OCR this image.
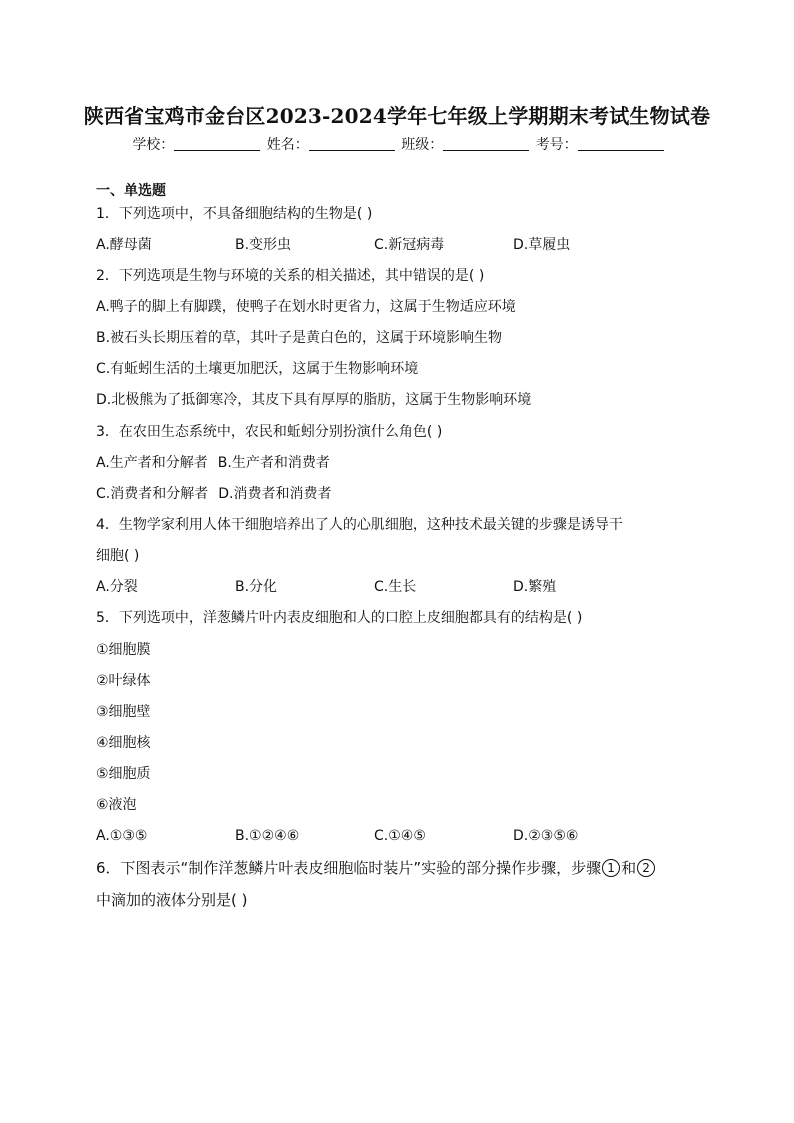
陕西省宝鸡市金台区2023-2024学年七年级上学期期末考试生物试卷
学校：	姓名：	班级：	考号：
一、单选题
1．下列选项中，不具备细胞结构的生物是( )
A.酵母菌	B.变形虫	C.新冠病毒	D.草履虫
2．下列选项是生物与环境的关系的相关描述，其中错误的是( )
A.鸭子的脚上有脚蹼，使鸭子在划水时更省力，这属于生物适应环境
B.被石头长期压着的草，其叶子是黄白色的，这属于环境影响生物
C.有蚯蚓生活的土壤更加肥沃，这属于生物影响环境
D.北极熊为了抵御寒冷，其皮下具有厚厚的脂肪，这属于生物影响环境
3．在农田生态系统中，农民和蚯蚓分别扮演什么角色( )
A.生产者和分解者 B.生产者和消费者
C.消费者和分解者 D.消费者和消费者
4．生物学家利用人体干细胞培养出了人的心肌细胞，这种技术最关键的步骤是诱导干
细胞( )
A.分裂	B.分化	C.生长	D.繁殖
5．下列选项中，洋葱鳞片叶内表皮细胞和人的口腔上皮细胞都具有的结构是( )
①细胞膜
②叶绿体
③细胞壁
④细胞核
⑤细胞质
⑥液泡
A.①③⑤	B.①②④⑥	C.①④⑤	D.②③⑤⑥
6．下图表示“制作洋葱鳞片叶表皮细胞临时装片”实验的部分操作步骤，步骤 1 和 2
中滴加的液体分别是( )
